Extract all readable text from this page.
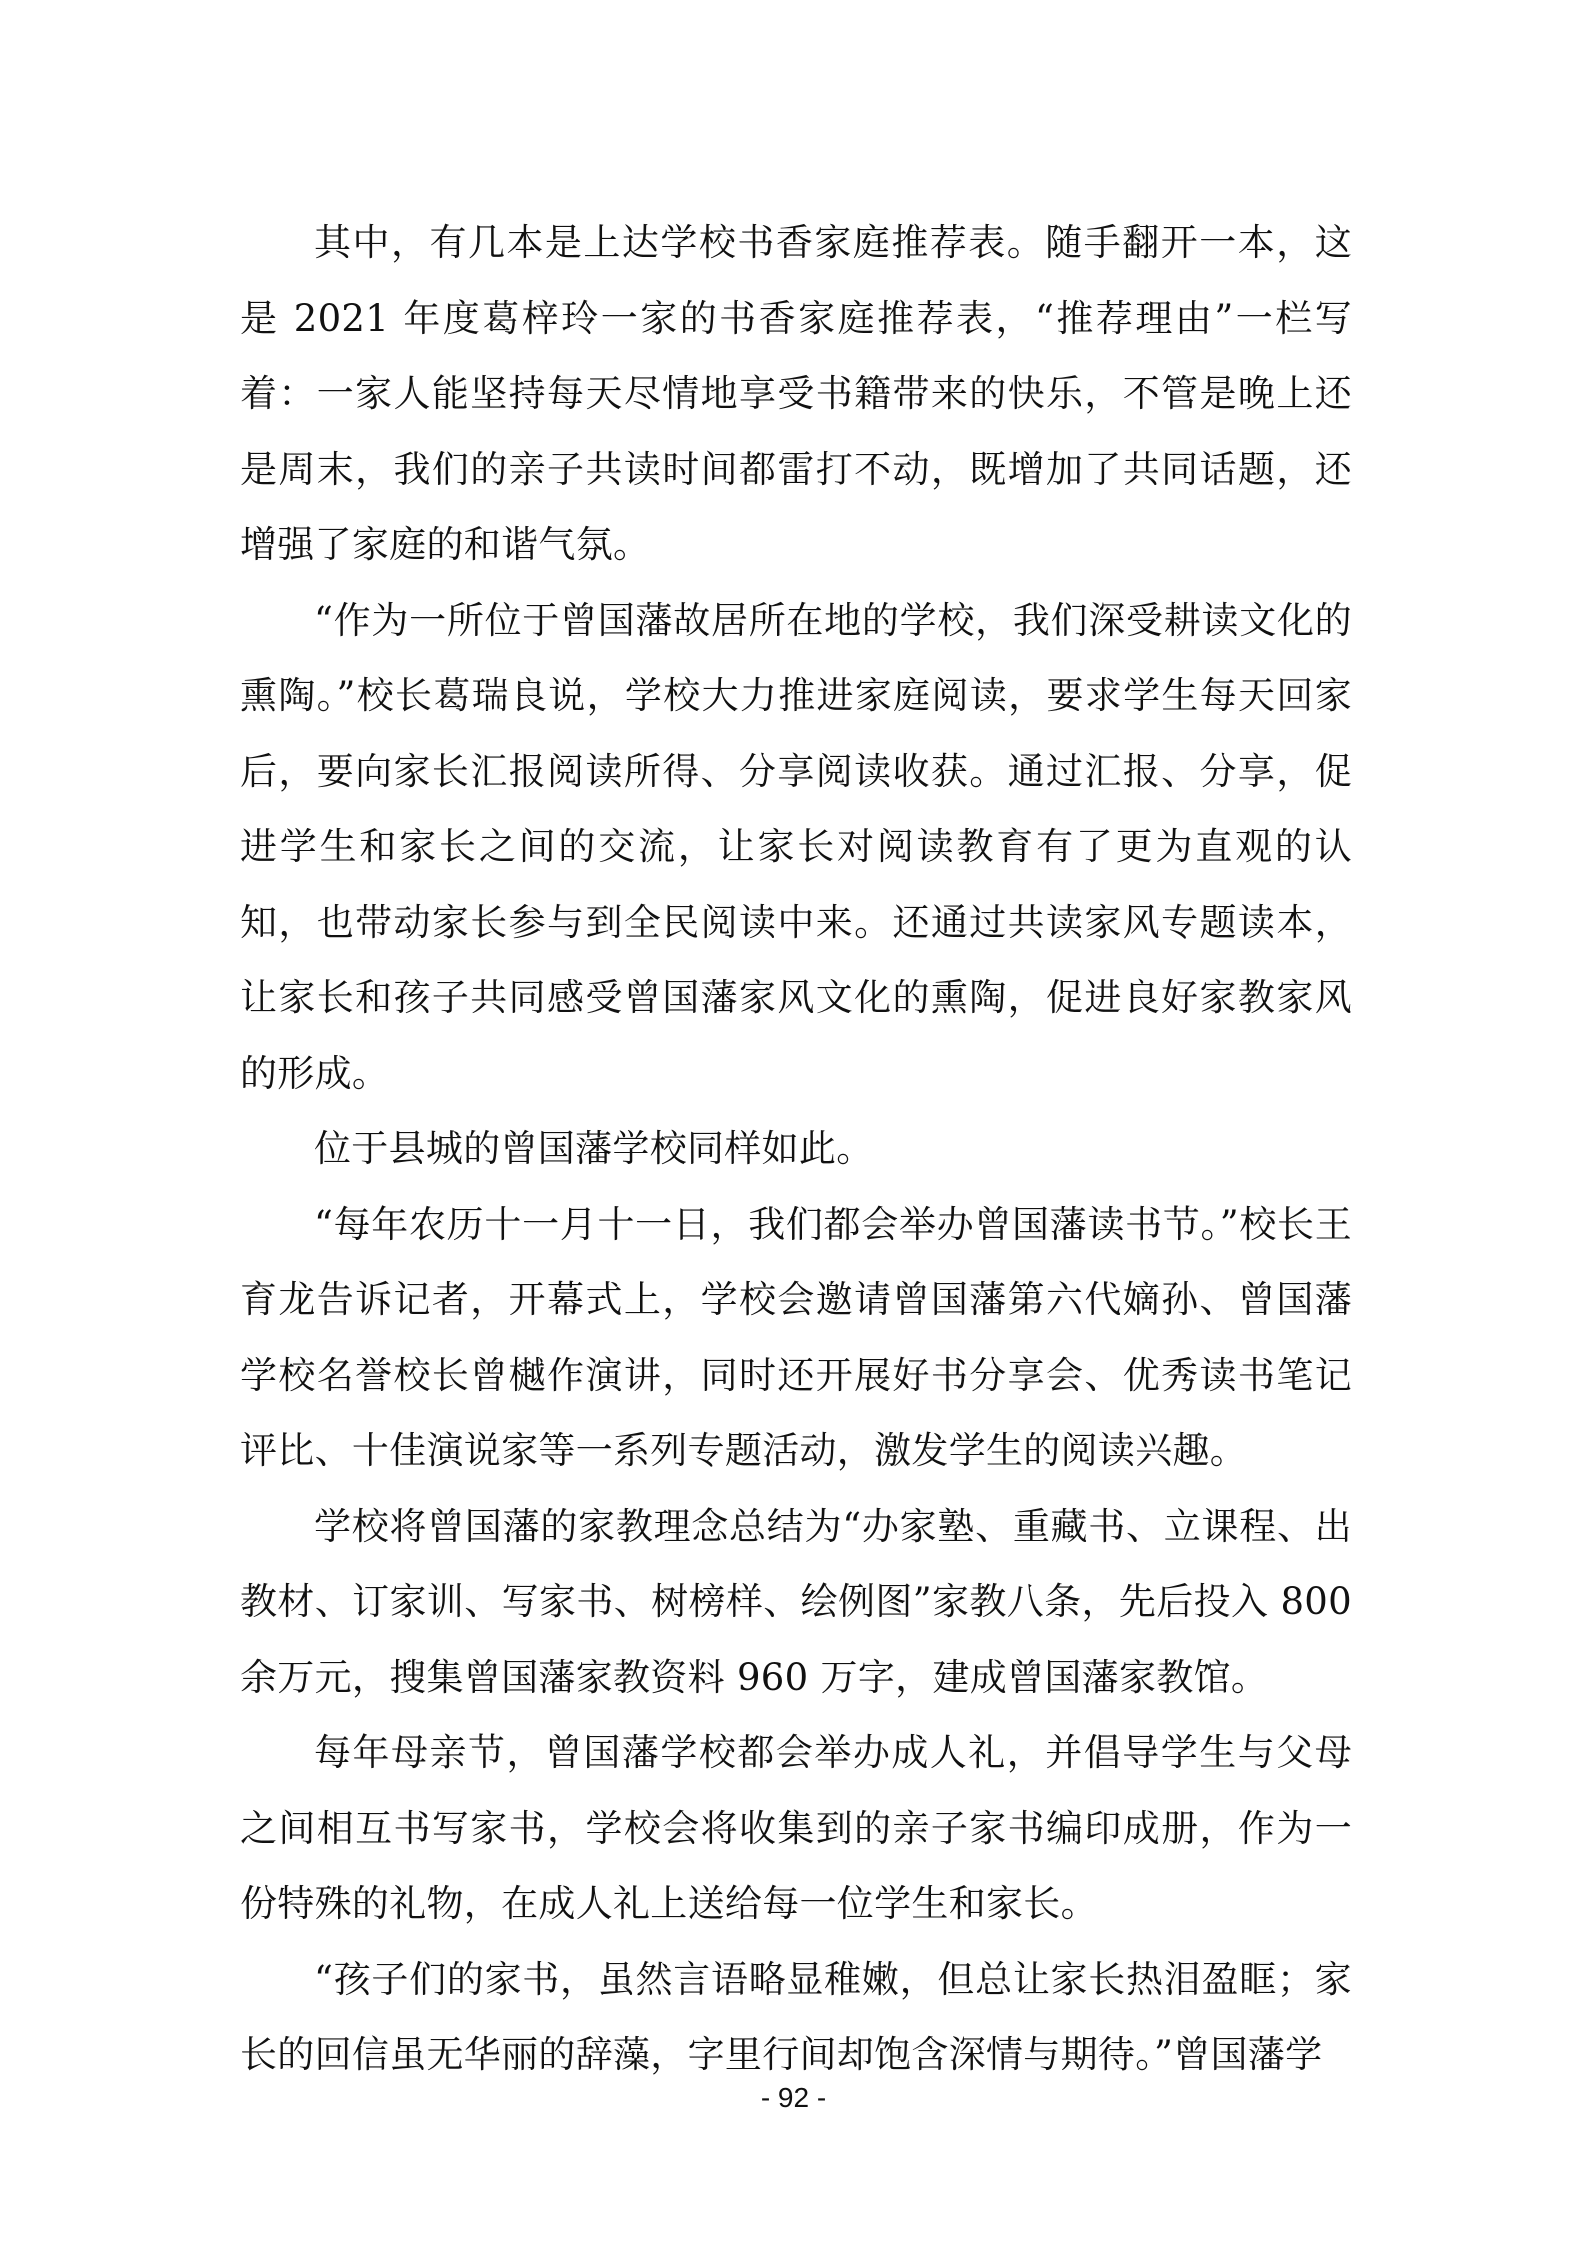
其中，有几本是上达学校书香家庭推荐表。随手翻开一本，这是 2021 年度葛梓玲一家的书香家庭推荐表，“推荐理由”一栏写着：一家人能坚持每天尽情地享受书籍带来的快乐，不管是晚上还是周末，我们的亲子共读时间都雷打不动，既增加了共同话题，还增强了家庭的和谐气氛。

“作为一所位于曾国藩故居所在地的学校，我们深受耕读文化的熏陶。”校长葛瑞良说，学校大力推进家庭阅读，要求学生每天回家后，要向家长汇报阅读所得、分享阅读收获。通过汇报、分享，促进学生和家长之间的交流，让家长对阅读教育有了更为直观的认知，也带动家长参与到全民阅读中来。还通过共读家风专题读本，让家长和孩子共同感受曾国藩家风文化的熏陶，促进良好家教家风的形成。

位于县城的曾国藩学校同样如此。

“每年农历十一月十一日，我们都会举办曾国藩读书节。”校长王育龙告诉记者，开幕式上，学校会邀请曾国藩第六代嫡孙、曾国藩学校名誉校长曾樾作演讲，同时还开展好书分享会、优秀读书笔记评比、十佳演说家等一系列专题活动，激发学生的阅读兴趣。

学校将曾国藩的家教理念总结为“办家塾、重藏书、立课程、出教材、订家训、写家书、树榜样、绘例图”家教八条，先后投入 800 余万元，搜集曾国藩家教资料 960 万字，建成曾国藩家教馆。

每年母亲节，曾国藩学校都会举办成人礼，并倡导学生与父母之间相互书写家书，学校会将收集到的亲子家书编印成册，作为一份特殊的礼物，在成人礼上送给每一位学生和家长。

“孩子们的家书，虽然言语略显稚嫩，但总让家长热泪盈眶；家长的回信虽无华丽的辞藻，字里行间却饱含深情与期待。”曾国藩学

- 92 -
